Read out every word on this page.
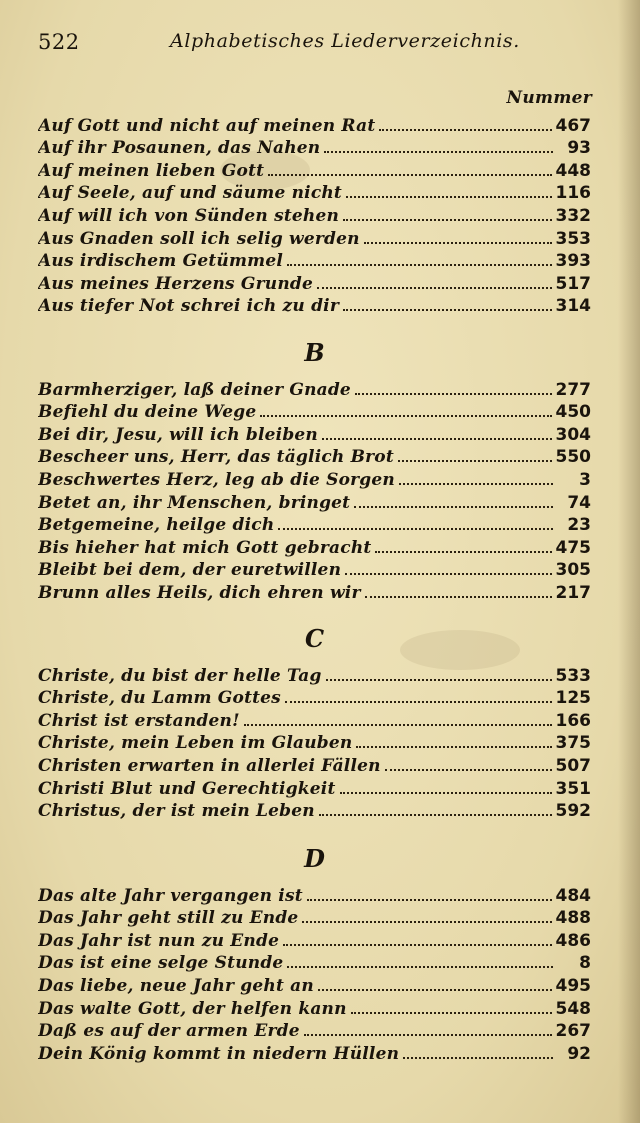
522	Alphabetisches Liederverzeichnis.
Nummer
Auf Gott und nicht auf meinen Rat	467
Auf ihr Posaunen, das Nahen	93
Auf meinen lieben Gott	448
Auf Seele, auf und säume nicht	116
Auf will ich von Sünden stehen	332
Aus Gnaden soll ich selig werden	353
Aus irdischem Getümmel	393
Aus meines Herzens Grunde	517
Aus tiefer Not schrei ich zu dir	314
B
Barmherziger, laß deiner Gnade	277
Befiehl du deine Wege	450
Bei dir, Jesu, will ich bleiben	304
Bescheer uns, Herr, das täglich Brot	550
Beschwertes Herz, leg ab die Sorgen	3
Betet an, ihr Menschen, bringet	74
Betgemeine, heilge dich	23
Bis hieher hat mich Gott gebracht	475
Bleibt bei dem, der euretwillen	305
Brunn alles Heils, dich ehren wir	217
C
Christe, du bist der helle Tag	533
Christe, du Lamm Gottes	125
Christ ist erstanden!	166
Christe, mein Leben im Glauben	375
Christen erwarten in allerlei Fällen	507
Christi Blut und Gerechtigkeit	351
Christus, der ist mein Leben	592
D
Das alte Jahr vergangen ist	484
Das Jahr geht still zu Ende	488
Das Jahr ist nun zu Ende	486
Das ist eine selge Stunde	8
Das liebe, neue Jahr geht an	495
Das walte Gott, der helfen kann	548
Daß es auf der armen Erde	267
Dein König kommt in niedern Hüllen	92
